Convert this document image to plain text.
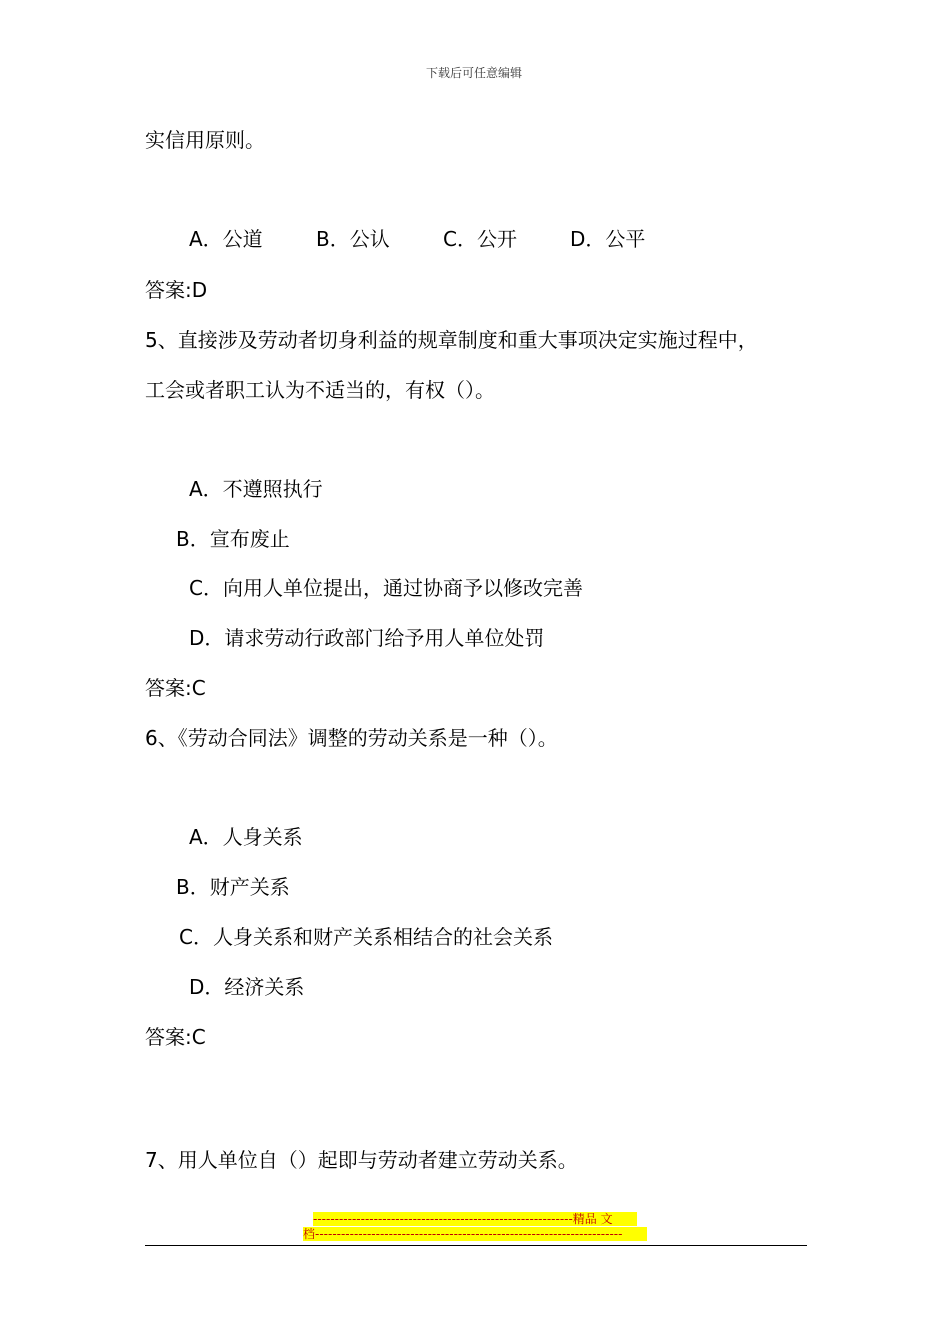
下载后可任意编辑
实信用原则。
A．公道	B．公认	C．公开	D．公平
答案:D
5、直接涉及劳动者切身利益的规章制度和重大事项决定实施过程中，
工会或者职工认为不适当的，有权（）。
A．不遵照执行
B．宣布废止
C．向用人单位提出，通过协商予以修改完善
D．请求劳动行政部门给予用人单位处罚
答案:C
6、《劳动合同法》调整的劳动关系是一种（）。
A．人身关系
B．财产关系
C．人身关系和财产关系相结合的社会关系
D．经济关系
答案:C
7、用人单位自（）起即与劳动者建立劳动关系。
------------------------------------------------------------精品 文
档-----------------------------------------------------------------------
